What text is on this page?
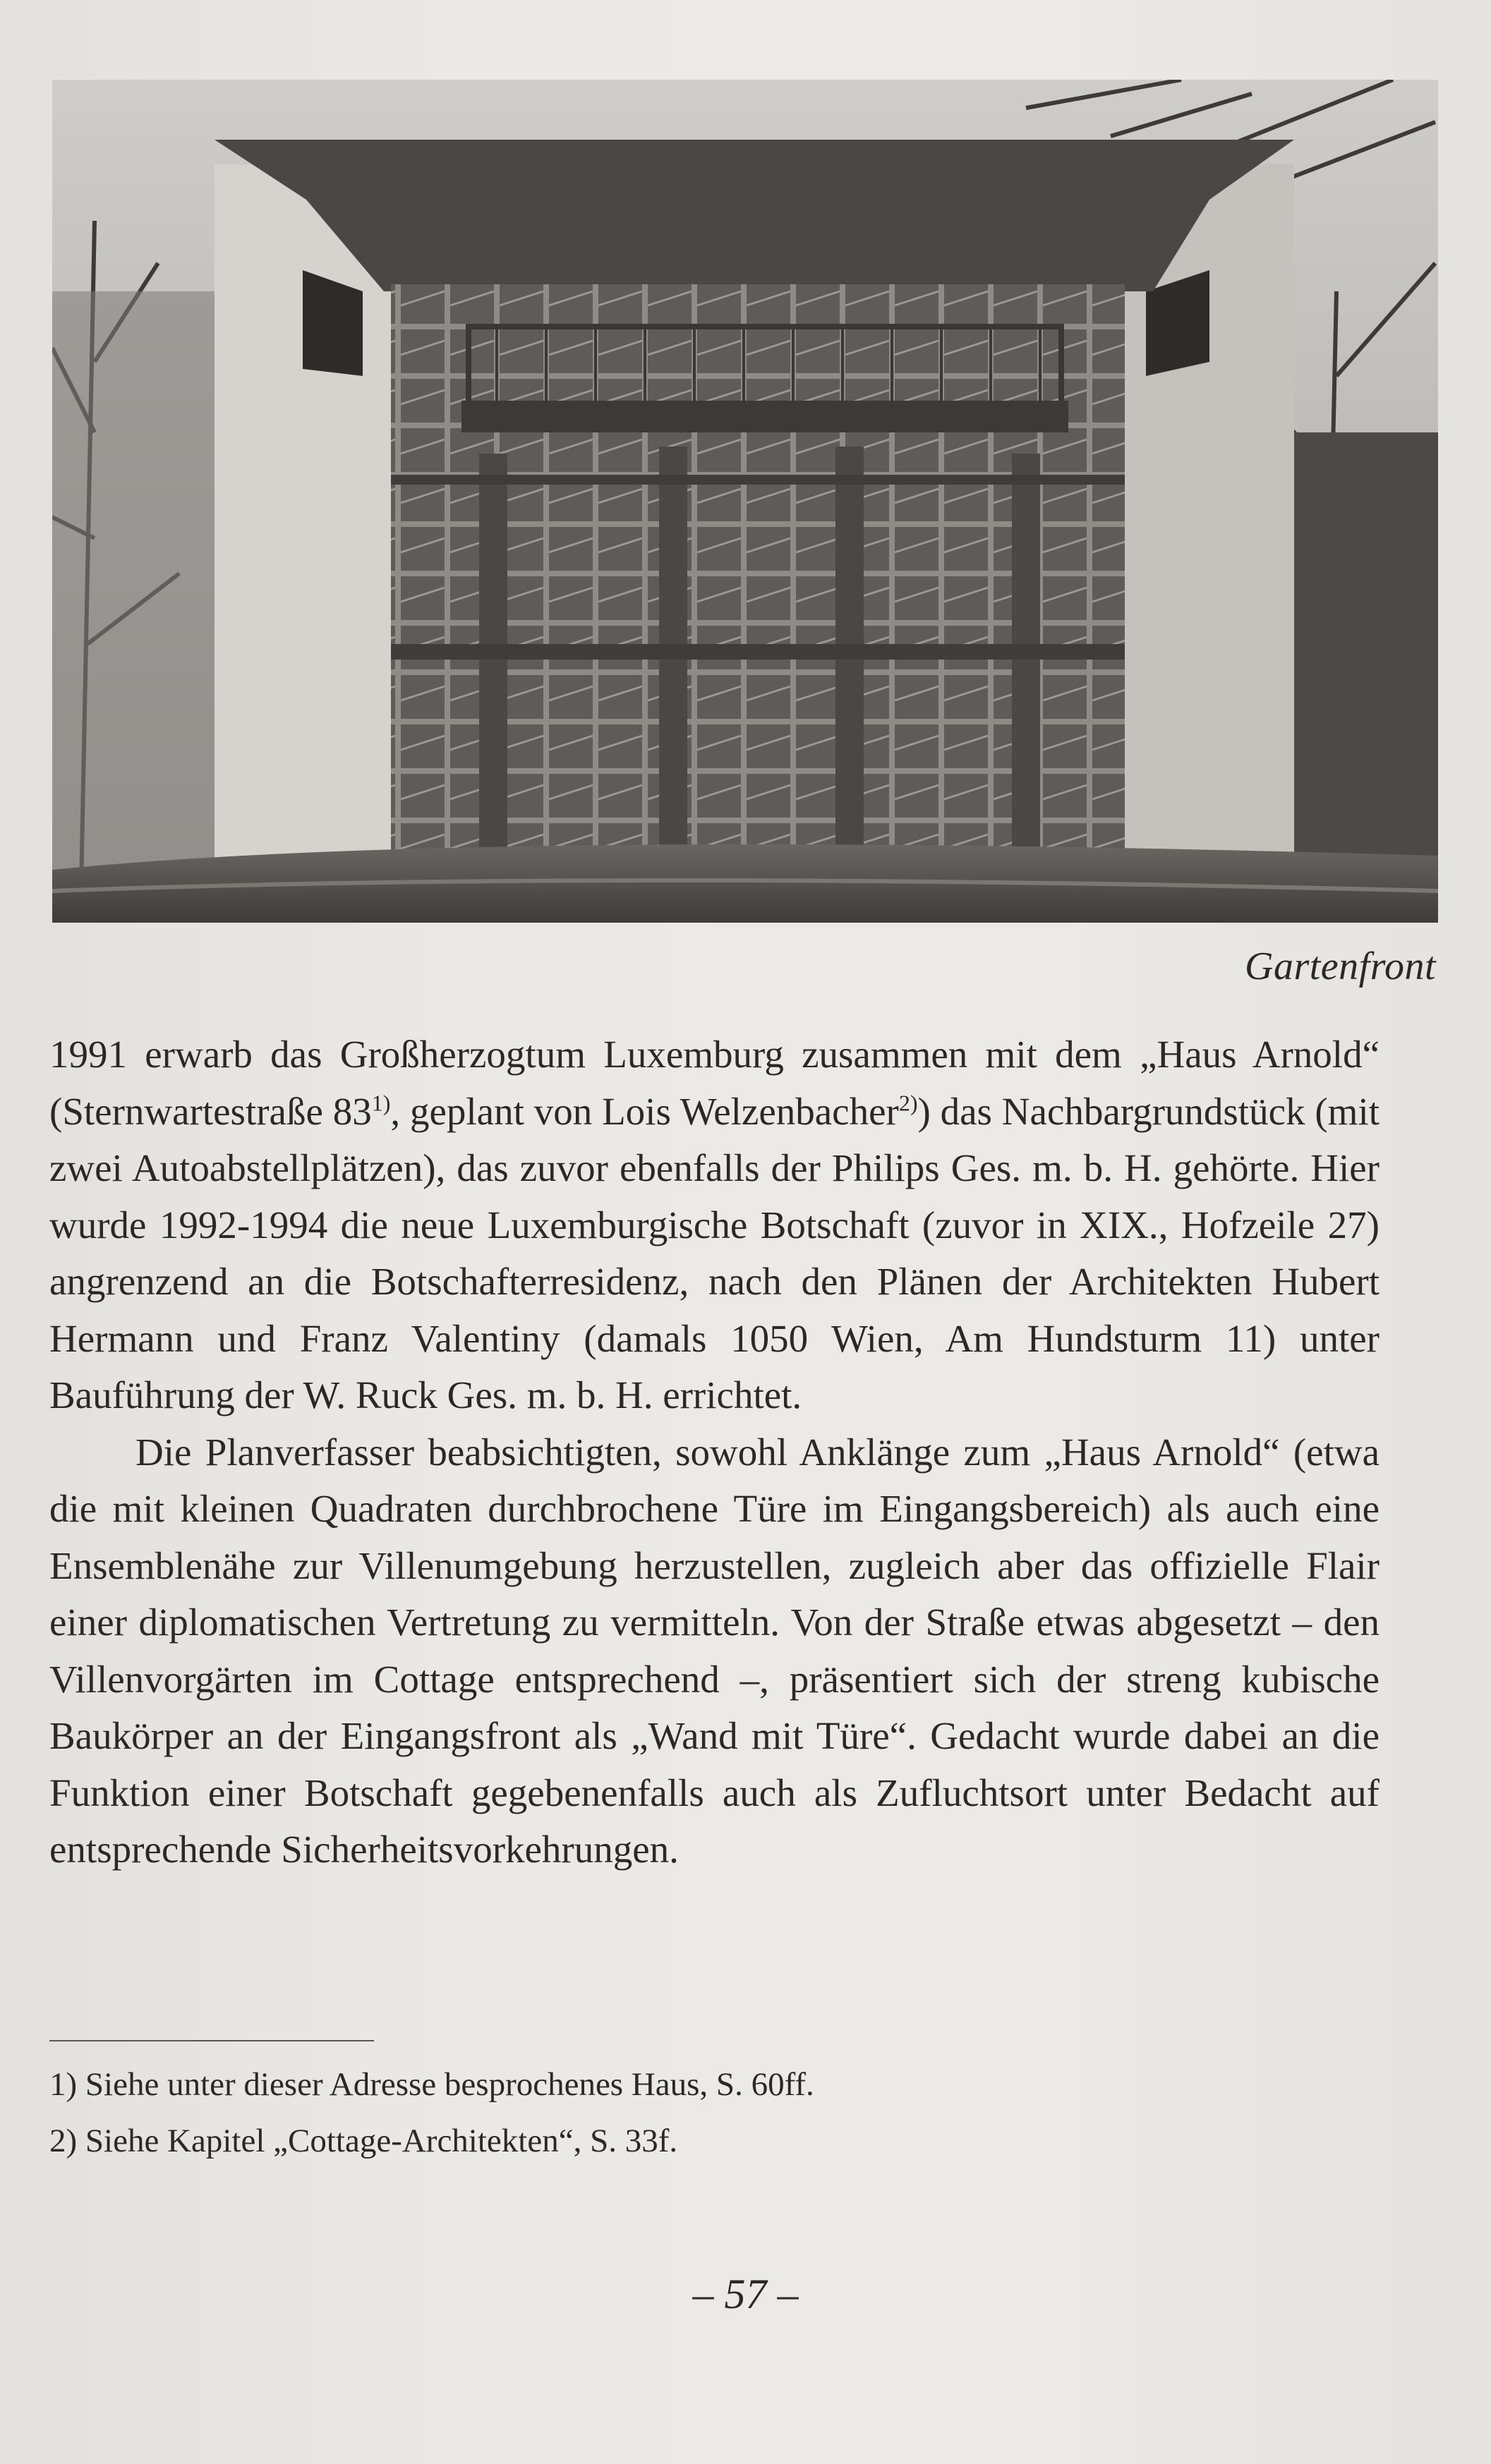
Gartenfront

1991 erwarb das Großherzogtum Luxemburg zusammen mit dem „Haus Arnold“ (Sternwartestraße 83$^{1)}$, geplant von Lois Welzenbacher$^{2)}$) das Nachbargrundstück (mit zwei Autoabstellplätzen), das zuvor ebenfalls der Philips Ges. m. b. H. gehörte. Hier wurde 1992-1994 die neue Luxemburgische Botschaft (zuvor in XIX., Hofzeile 27) angrenzend an die Botschafterresidenz, nach den Plänen der Architekten Hubert Hermann und Franz Valentiny (damals 1050 Wien, Am Hundsturm 11) unter Bauführung der W. Ruck Ges. m. b. H. errichtet.

Die Planverfasser beabsichtigten, sowohl Anklänge zum „Haus Arnold“ (etwa die mit kleinen Quadraten durchbrochene Türe im Eingangsbereich) als auch eine Ensemblenähe zur Villenumgebung herzustellen, zugleich aber das offizielle Flair einer diplomatischen Vertretung zu vermitteln. Von der Straße etwas abgesetzt – den Villenvorgärten im Cottage entsprechend –, präsentiert sich der streng kubische Baukörper an der Eingangsfront als „Wand mit Türe“. Gedacht wurde dabei an die Funktion einer Botschaft gegebenenfalls auch als Zufluchtsort unter Bedacht auf entsprechende Sicherheitsvorkehrungen.

1) Siehe unter dieser Adresse besprochenes Haus, S. 60ff.
2) Siehe Kapitel „Cottage-Architekten“, S. 33f.
– 57 –
